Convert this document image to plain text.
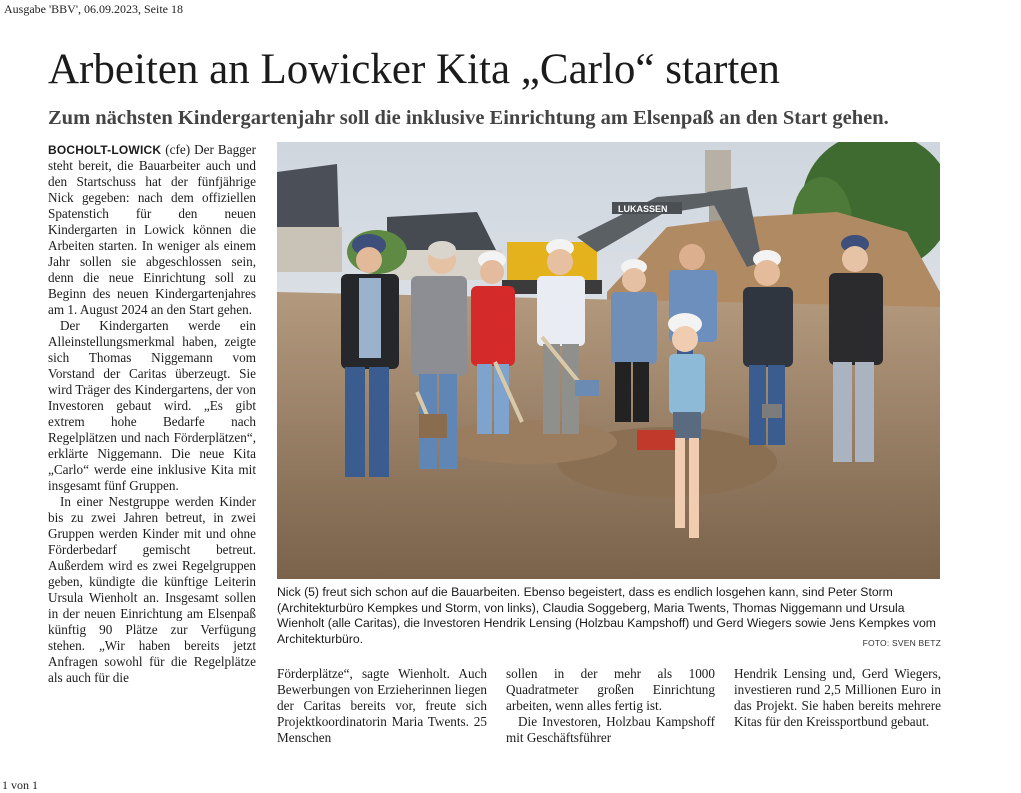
Ausgabe 'BBV', 06.09.2023, Seite 18
Arbeiten an Lowicker Kita „Carlo“ starten
Zum nächsten Kindergartenjahr soll die inklusive Einrichtung am Elsenpaß an den Start gehen.

BOCHOLT-LOWICK (cfe) Der Bagger steht bereit, die Bauarbeiter auch und den Startschuss hat der fünfjährige Nick gegeben: nach dem offiziellen Spatenstich für den neuen Kindergarten in Lowick können die Arbeiten starten. In weniger als einem Jahr sollen sie abgeschlossen sein, denn die neue Einrichtung soll zu Beginn des neuen Kindergartenjahres am 1. August 2024 an den Start gehen.

Der Kindergarten werde ein Alleinstellungsmerkmal haben, zeigte sich Thomas Niggemann vom Vorstand der Caritas überzeugt. Sie wird Träger des Kindergartens, der von Investoren gebaut wird. „Es gibt extrem hohe Bedarfe nach Regelplätzen und nach Förderplätzen“, erklärte Niggemann. Die neue Kita „Carlo“ werde eine inklusive Kita mit insgesamt fünf Gruppen.

In einer Nestgruppe werden Kinder bis zu zwei Jahren betreut, in zwei Gruppen werden Kinder mit und ohne Förderbedarf gemischt betreut. Außerdem wird es zwei Regelgruppen geben, kündigte die künftige Leiterin Ursula Wienholt an. Insgesamt sollen in der neuen Einrichtung am Elsenpaß künftig 90 Plätze zur Verfügung stehen. „Wir haben bereits jetzt Anfragen sowohl für die Regelplätze als auch für die

LUKASSEN

Nick (5) freut sich schon auf die Bauarbeiten. Ebenso begeistert, dass es endlich losgehen kann, sind Peter Storm (Architekturbüro Kempkes und Storm, von links), Claudia Soggeberg, Maria Twents, Thomas Niggemann und Ursula Wienholt (alle Caritas), die Investoren Hendrik Lensing (Holzbau Kampshoff) und Gerd Wiegers sowie Jens Kempkes vom Architekturbüro.	FOTO: SVEN BETZ

Förderplätze“, sagte Wienholt. Auch Bewerbungen von Erzieherinnen liegen der Caritas bereits vor, freute sich Projektkoordinatorin Maria Twents. 25 Menschen

sollen in der mehr als 1000 Quadratmeter großen Einrichtung arbeiten, wenn alles fertig ist.

Die Investoren, Holzbau Kampshoff mit Geschäftsführer

Hendrik Lensing und, Gerd Wiegers, investieren rund 2,5 Millionen Euro in das Projekt. Sie haben bereits mehrere Kitas für den Kreissportbund gebaut.

1 von 1
